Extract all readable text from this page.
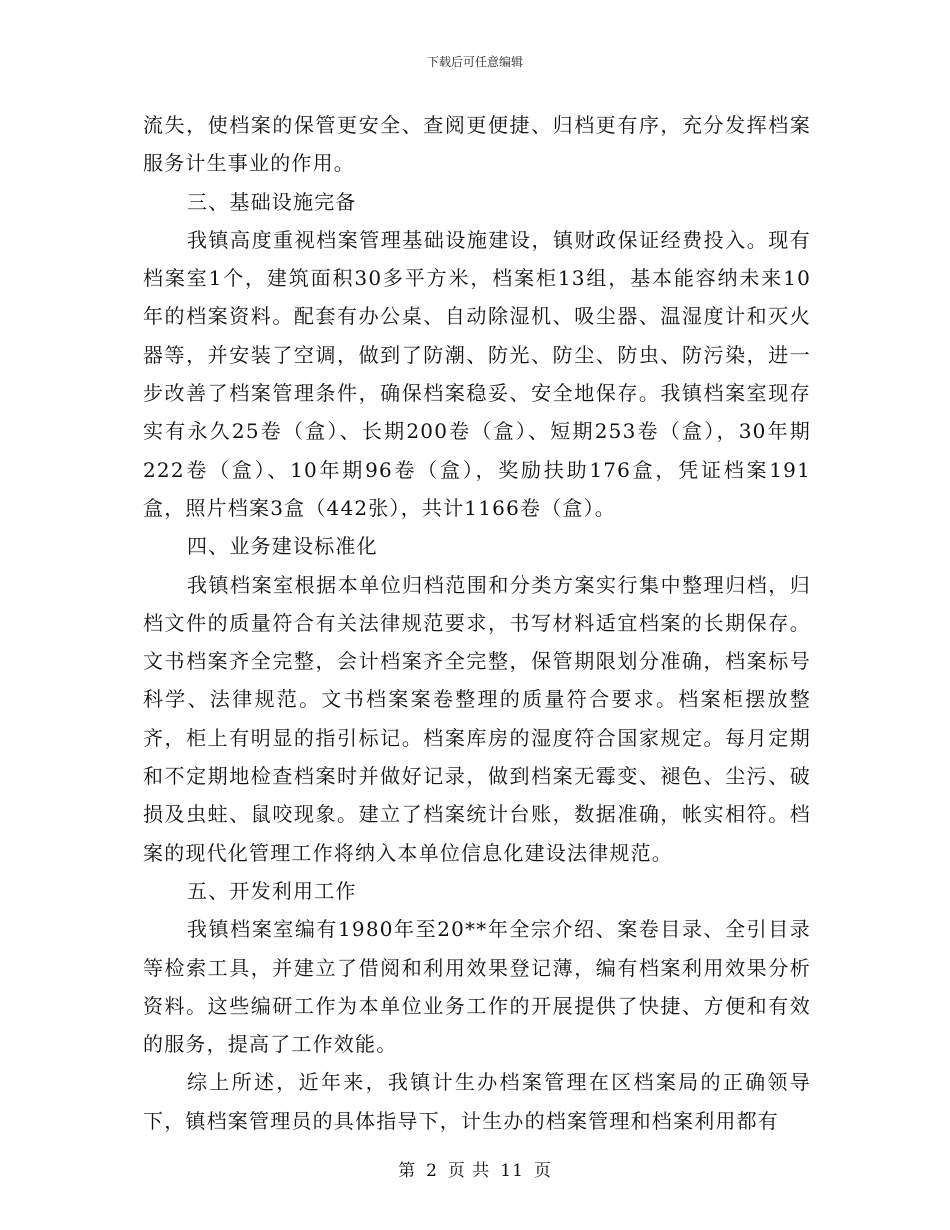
下载后可任意编辑

流失，使档案的保管更安全、查阅更便捷、归档更有序，充分发挥档案服务计生事业的作用。

三、基础设施完备

我镇高度重视档案管理基础设施建设，镇财政保证经费投入。现有档案室1个，建筑面积30多平方米，档案柜13组，基本能容纳未来10年的档案资料。配套有办公桌、自动除湿机、吸尘器、温湿度计和灭火器等，并安装了空调，做到了防潮、防光、防尘、防虫、防污染，进一步改善了档案管理条件，确保档案稳妥、安全地保存。我镇档案室现存实有永久25卷（盒）、长期200卷（盒）、短期253卷（盒），30年期222卷（盒）、10年期96卷（盒），奖励扶助176盒，凭证档案191盒，照片档案3盒（442张），共计1166卷（盒）。

四、业务建设标准化

我镇档案室根据本单位归档范围和分类方案实行集中整理归档，归档文件的质量符合有关法律规范要求，书写材料适宜档案的长期保存。文书档案齐全完整，会计档案齐全完整，保管期限划分准确，档案标号科学、法律规范。文书档案案卷整理的质量符合要求。档案柜摆放整齐，柜上有明显的指引标记。档案库房的湿度符合国家规定。每月定期和不定期地检查档案时并做好记录，做到档案无霉变、褪色、尘污、破损及虫蛀、鼠咬现象。建立了档案统计台账，数据准确，帐实相符。档案的现代化管理工作将纳入本单位信息化建设法律规范。

五、开发利用工作

我镇档案室编有1980年至20**年全宗介绍、案卷目录、全引目录等检索工具，并建立了借阅和利用效果登记薄，编有档案利用效果分析资料。这些编研工作为本单位业务工作的开展提供了快捷、方便和有效的服务，提高了工作效能。

综上所述，近年来，我镇计生办档案管理在区档案局的正确领导下，镇档案管理员的具体指导下，计生办的档案管理和档案利用都有

第 2 页 共 11 页
